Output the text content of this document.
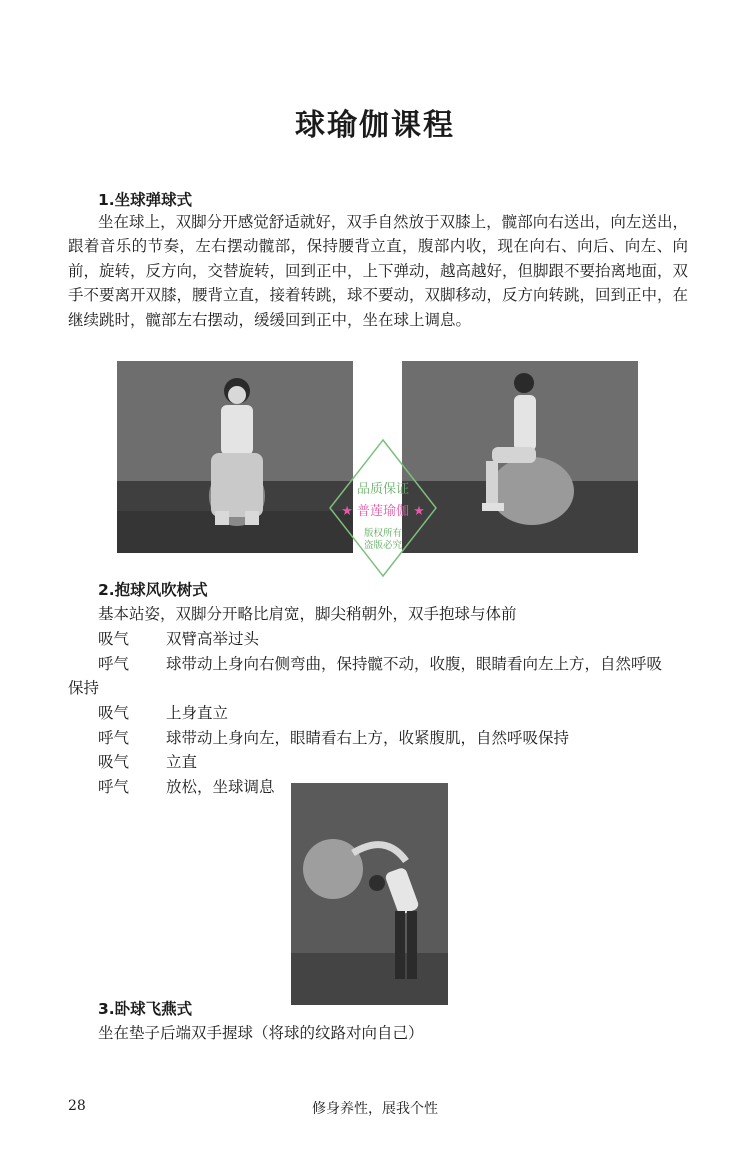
球瑜伽课程
1.坐球弹球式
坐在球上，双脚分开感觉舒适就好，双手自然放于双膝上，髋部向右送出，向左送出，跟着音乐的节奏，左右摆动髋部，保持腰背立直，腹部内收，现在向右、向后、向左、向前，旋转，反方向，交替旋转，回到正中，上下弹动，越高越好，但脚跟不要抬离地面，双手不要离开双膝，腰背立直，接着转跳，球不要动，双脚移动，反方向转跳，回到正中，在继续跳时，髋部左右摆动，缓缓回到正中，坐在球上调息。
品质保证
★ 普莲瑜伽 ★
版权所有
盗版必究
2.抱球风吹树式
基本站姿，双脚分开略比肩宽，脚尖稍朝外，双手抱球与体前
吸气 双臂高举过头
呼气 球带动上身向右侧弯曲，保持髋不动，收腹，眼睛看向左上方，自然呼吸
保持
吸气 上身直立
呼气 球带动上身向左，眼睛看右上方，收紧腹肌，自然呼吸保持
吸气 立直
呼气 放松，坐球调息
3.卧球飞燕式
坐在垫子后端双手握球（将球的纹路对向自己）
28	修身养性，展我个性
